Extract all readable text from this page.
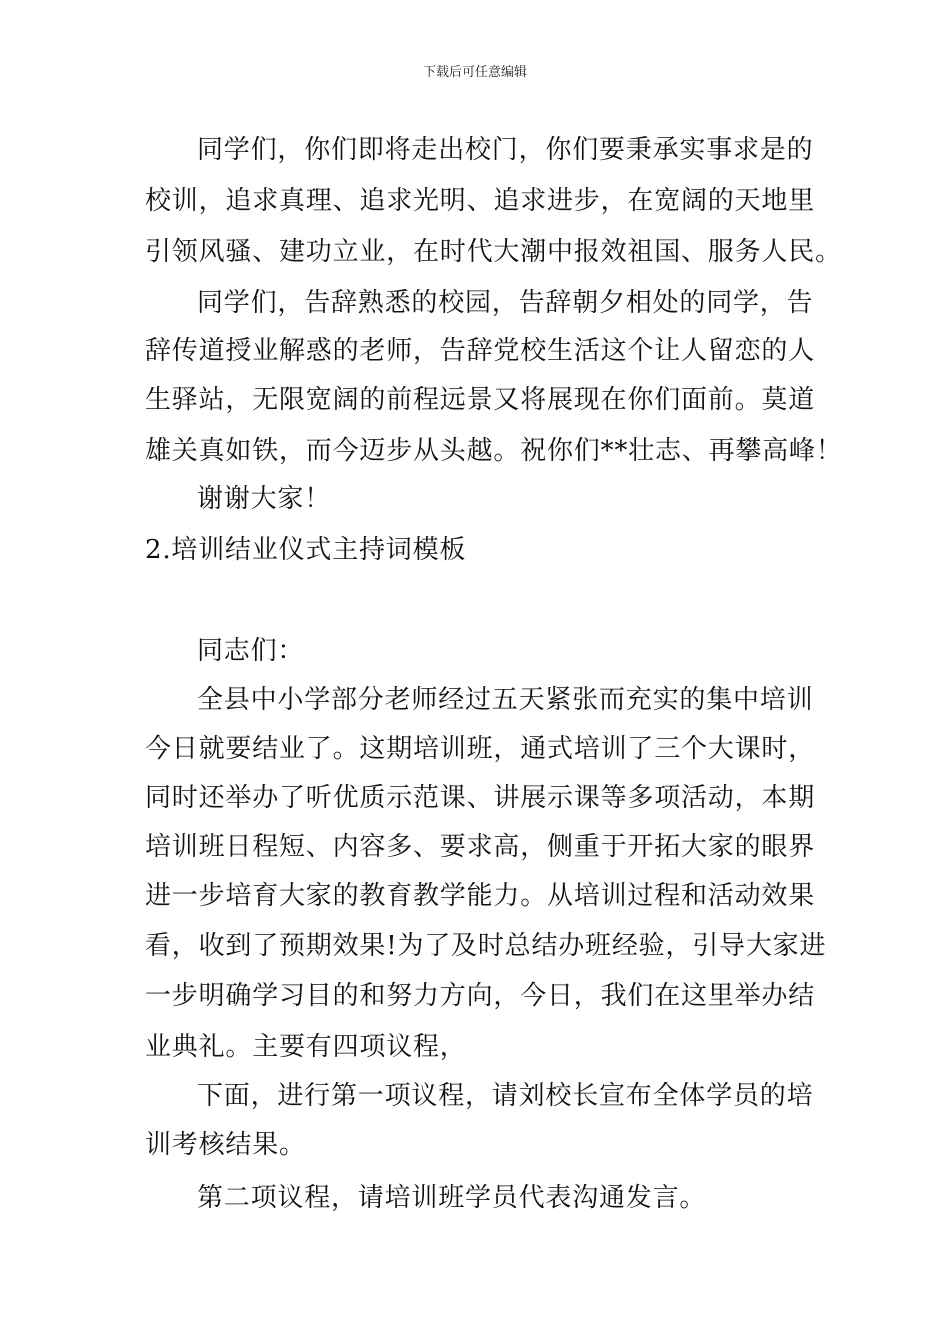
下载后可任意编辑
同学们，你们即将走出校门，你们要秉承实事求是的
校训，追求真理、追求光明、追求进步，在宽阔的天地里
引领风骚、建功立业，在时代大潮中报效祖国、服务人民。
同学们，告辞熟悉的校园，告辞朝夕相处的同学，告
辞传道授业解惑的老师，告辞党校生活这个让人留恋的人
生驿站，无限宽阔的前程远景又将展现在你们面前。莫道
雄关真如铁，而今迈步从头越。祝你们**壮志、再攀高峰！
谢谢大家！
2.培训结业仪式主持词模板
同志们：
全县中小学部分老师经过五天紧张而充实的集中培训
今日就要结业了。这期培训班，通式培训了三个大课时，
同时还举办了听优质示范课、讲展示课等多项活动，本期
培训班日程短、内容多、要求高，侧重于开拓大家的眼界
进一步培育大家的教育教学能力。从培训过程和活动效果
看，收到了预期效果!为了及时总结办班经验，引导大家进
一步明确学习目的和努力方向，今日，我们在这里举办结
业典礼。主要有四项议程，
下面，进行第一项议程，请刘校长宣布全体学员的培
训考核结果。
第二项议程，请培训班学员代表沟通发言。
